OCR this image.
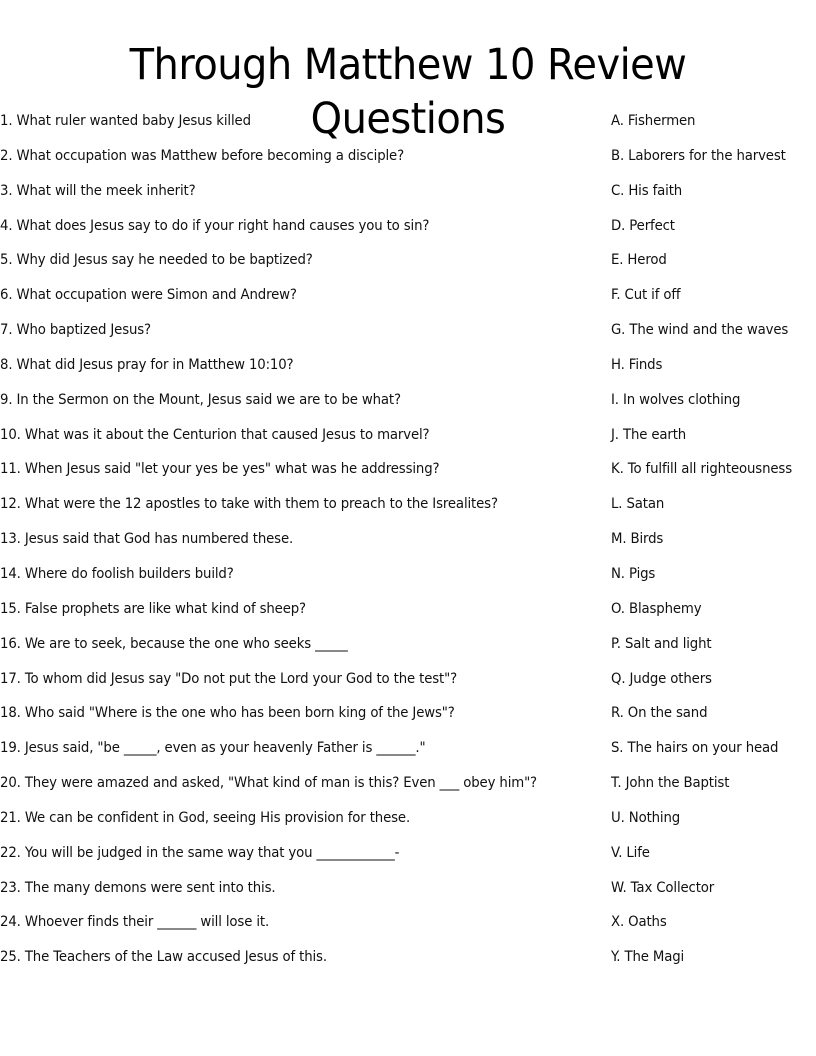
Through Matthew 10 Review Questions
1. What ruler wanted baby Jesus killed
2. What occupation was Matthew before becoming a disciple?
3. What will the meek inherit?
4. What does Jesus say to do if your right hand causes you to sin?
5. Why did Jesus say he needed to be baptized?
6. What occupation were Simon and Andrew?
7. Who baptized Jesus?
8. What did Jesus pray for in Matthew 10:10?
9. In the Sermon on the Mount, Jesus said we are to be what?
10. What was it about the Centurion that caused Jesus to marvel?
11. When Jesus said "let your yes be yes" what was he addressing?
12. What were the 12 apostles to take with them to preach to the Isrealites?
13. Jesus said that God has numbered these.
14. Where do foolish builders build?
15. False prophets are like what kind of sheep?
16. We are to seek, because the one who seeks _____
17. To whom did Jesus say "Do not put the Lord your God to the test"?
18. Who said "Where is the one who has been born king of the Jews"?
19. Jesus said, "be _____, even as your heavenly Father is ______."
20. They were amazed and asked, "What kind of man is this? Even ___ obey him"?
21. We can be confident in God, seeing His provision for these.
22. You will be judged in the same way that you ____________-
23. The many demons were sent into this.
24. Whoever finds their ______ will lose it.
25. The Teachers of the Law accused Jesus of this.
A. Fishermen
B. Laborers for the harvest
C. His faith
D. Perfect
E. Herod
F. Cut if off
G. The wind and the waves
H. Finds
I. In wolves clothing
J. The earth
K. To fulfill all righteousness
L. Satan
M. Birds
N. Pigs
O. Blasphemy
P. Salt and light
Q. Judge others
R. On the sand
S. The hairs on your head
T. John the Baptist
U. Nothing
V. Life
W. Tax Collector
X. Oaths
Y. The Magi
